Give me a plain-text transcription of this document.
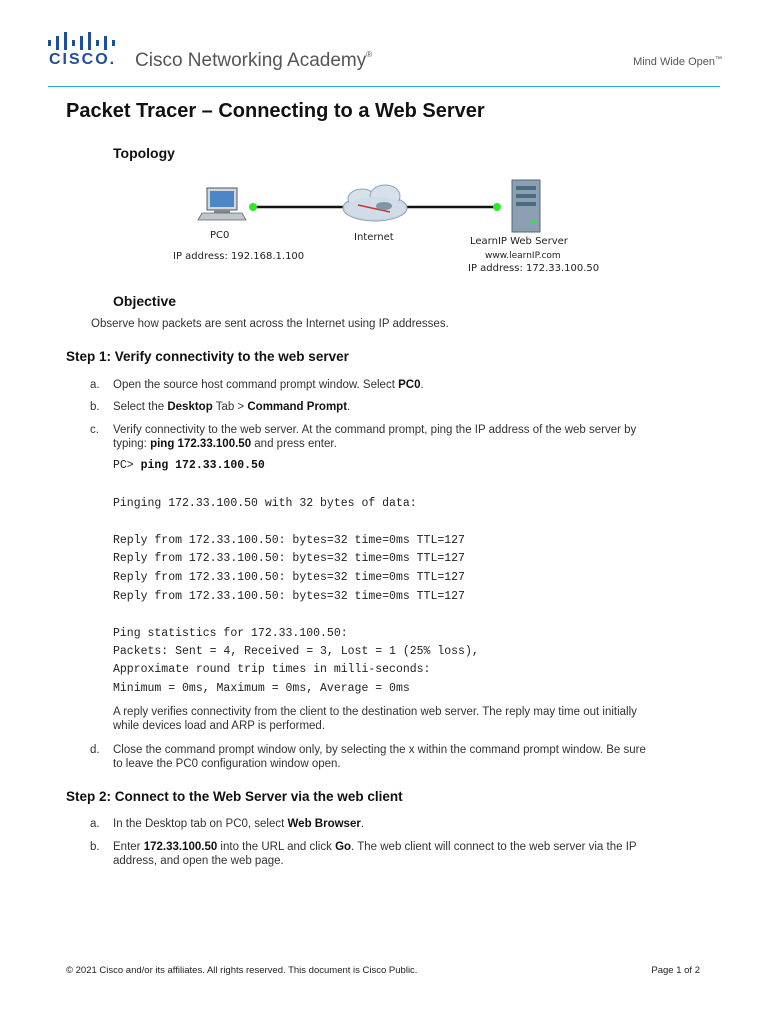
CISCO. Cisco Networking Academy®
Mind Wide Open™
Packet Tracer – Connecting to a Web Server
Topology
PC0
IP address: 192.168.1.100
Internet	LearnIP Web Server
www.learnIP.com
IP address: 172.33.100.50
Objective
Observe how packets are sent across the Internet using IP addresses.
Step 1: Verify connectivity to the web server
a. Open the source host command prompt window. Select PC0.
b. Select the Desktop Tab > Command Prompt.
c. Verify connectivity to the web server. At the command prompt, ping the IP address of the web server by
typing: ping 172.33.100.50 and press enter.
PC> ping 172.33.100.50
Pinging 172.33.100.50 with 32 bytes of data:
Reply from 172.33.100.50: bytes=32 time=0ms TTL=127
Reply from 172.33.100.50: bytes=32 time=0ms TTL=127
Reply from 172.33.100.50: bytes=32 time=0ms TTL=127
Reply from 172.33.100.50: bytes=32 time=0ms TTL=127
Ping statistics for 172.33.100.50:
Packets: Sent = 4, Received = 3, Lost = 1 (25% loss),
Approximate round trip times in milli-seconds:
Minimum = 0ms, Maximum = 0ms, Average = 0ms
A reply verifies connectivity from the client to the destination web server. The reply may time out initially
while devices load and ARP is performed.
d. Close the command prompt window only, by selecting the x within the command prompt window. Be sure
to leave the PC0 configuration window open.
Step 2: Connect to the Web Server via the web client
a. In the Desktop tab on PC0, select Web Browser.
b. Enter 172.33.100.50 into the URL and click Go. The web client will connect to the web server via the IP
address, and open the web page.
© 2021 Cisco and/or its affiliates. All rights reserved. This document is Cisco Public.	Page 1 of 2
